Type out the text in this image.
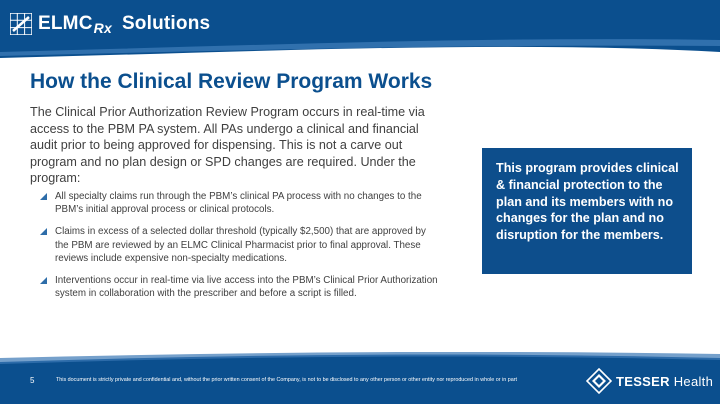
ELMC Rx Solutions
How the Clinical Review Program Works

The Clinical Prior Authorization Review Program occurs in real-time via access to the PBM PA system. All PAs undergo a clinical and financial audit prior to being approved for dispensing. This is not a carve out program and no plan design or SPD changes are required. Under the program:

All specialty claims run through the PBM’s clinical PA process with no changes to the PBM’s initial approval process or clinical protocols.
Claims in excess of a selected dollar threshold (typically $2,500) that are approved by the PBM are reviewed by an ELMC Clinical Pharmacist prior to final approval. These reviews include expensive non-specialty medications.
Interventions occur in real-time via live access into the PBM’s Clinical Prior Authorization system in collaboration with the prescriber and before a script is filled.

This program provides clinical & financial protection to the plan and its members with no changes for the plan and no disruption for the members.

5	This document is strictly private and confidential and, without the prior written consent of the Company, is not to be disclosed to any other person or other entity nor reproduced in whole or in part	TESSER Health
